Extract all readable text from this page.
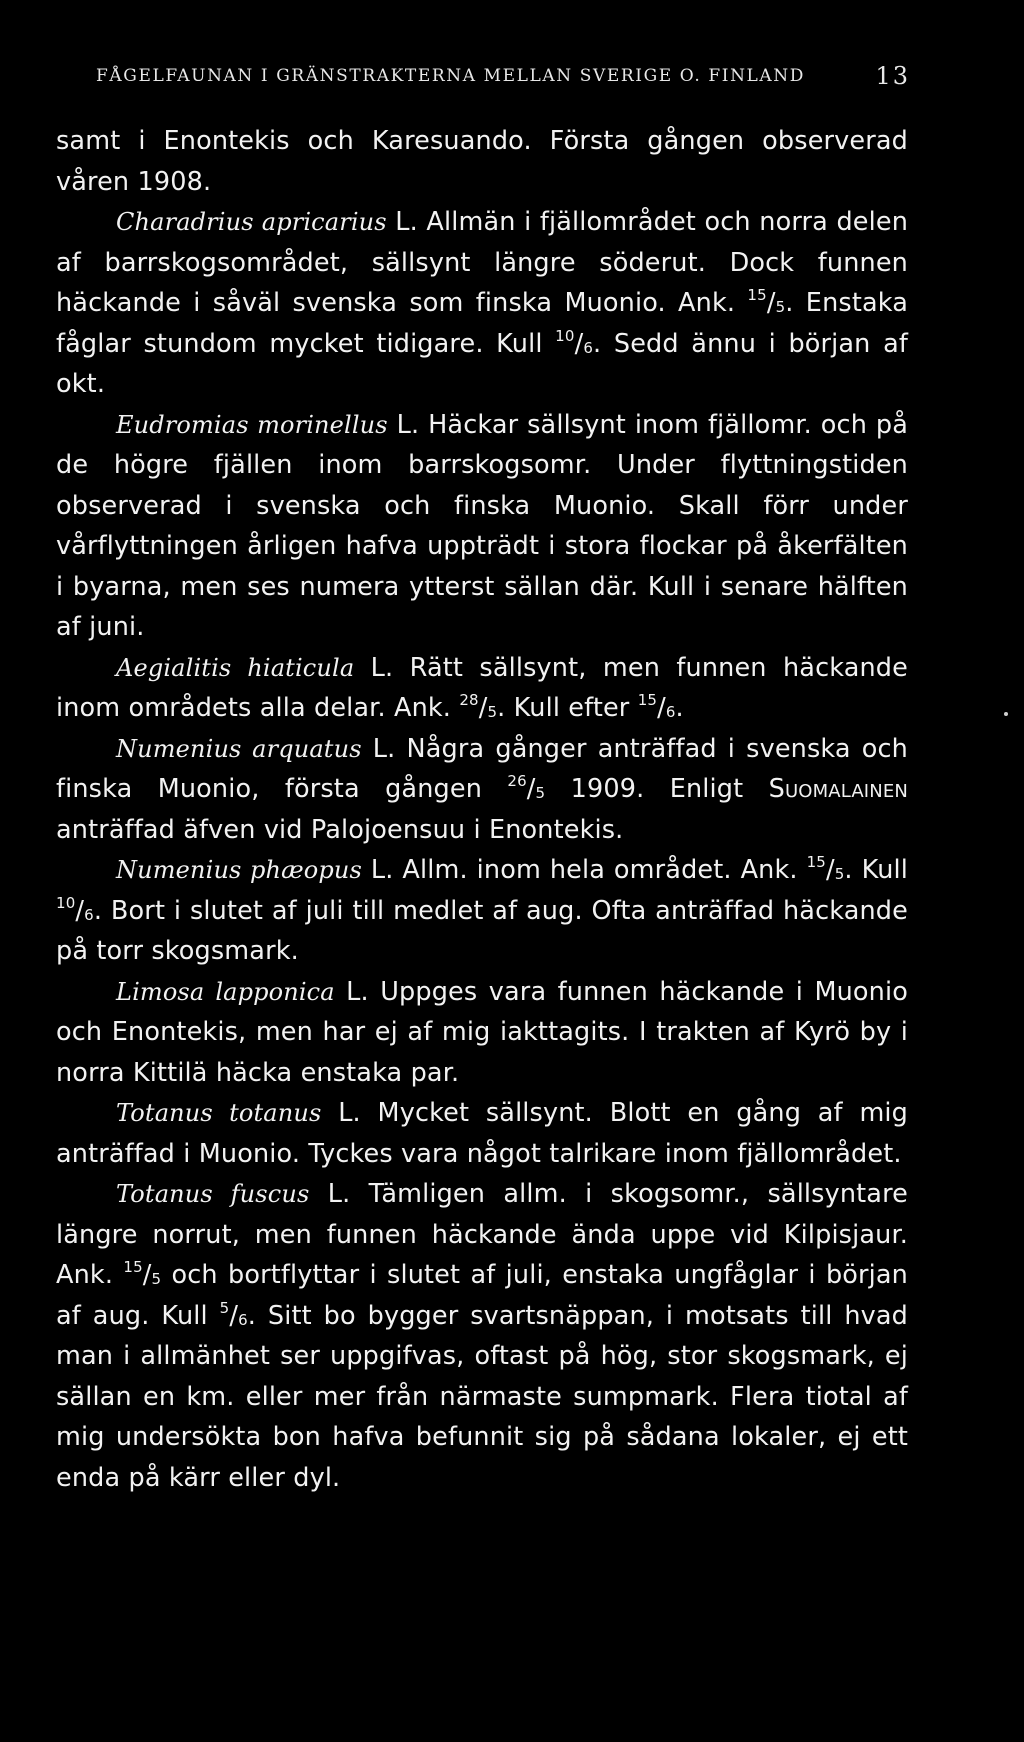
FÅGELFAUNAN I GRÄNSTRAKTERNA MELLAN SVERIGE O. FINLAND	13

samt i Enontekis och Karesuando. Första gången observerad våren 1908.

Charadrius apricarius L. Allmän i fjällområdet och norra delen af barrskogsområdet, sällsynt längre söderut. Dock funnen häckande i såväl svenska som finska Muonio. Ank. $^{15}/_5$. Enstaka fåglar stundom mycket tidigare. Kull $^{10}/_6$. Sedd ännu i början af okt.

Eudromias morinellus L. Häckar sällsynt inom fjällomr. och på de högre fjällen inom barrskogsomr. Under flyttningstiden observerad i svenska och finska Muonio. Skall förr under vårflyttningen årligen hafva uppträdt i stora flockar på åkerfälten i byarna, men ses numera ytterst sällan där. Kull i senare hälften af juni.

Aegialitis hiaticula L. Rätt sällsynt, men funnen häckande inom områdets alla delar. Ank. $^{28}/_5$. Kull efter $^{15}/_6$.

Numenius arquatus L. Några gånger anträffad i svenska och finska Muonio, första gången $^{26}/_5$ 1909. Enligt Suomalainen anträffad äfven vid Palojoensuu i Enontekis.

Numenius phæopus L. Allm. inom hela området. Ank. $^{15}/_5$. Kull $^{10}/_6$. Bort i slutet af juli till medlet af aug. Ofta anträffad häckande på torr skogsmark.

Limosa lapponica L. Uppges vara funnen häckande i Muonio och Enontekis, men har ej af mig iakttagits. I trakten af Kyrö by i norra Kittilä häcka enstaka par.

Totanus totanus L. Mycket sällsynt. Blott en gång af mig anträffad i Muonio. Tyckes vara något talrikare inom fjällområdet.

Totanus fuscus L. Tämligen allm. i skogsomr., sällsyntare längre norrut, men funnen häckande ända uppe vid Kilpisjaur. Ank. $^{15}/_5$ och bortflyttar i slutet af juli, enstaka ungfåglar i början af aug. Kull $^5/_6$. Sitt bo bygger svartsnäppan, i motsats till hvad man i allmänhet ser uppgifvas, oftast på hög, stor skogsmark, ej sällan en km. eller mer från närmaste sumpmark. Flera tiotal af mig undersökta bon hafva befunnit sig på sådana lokaler, ej ett enda på kärr eller dyl.
